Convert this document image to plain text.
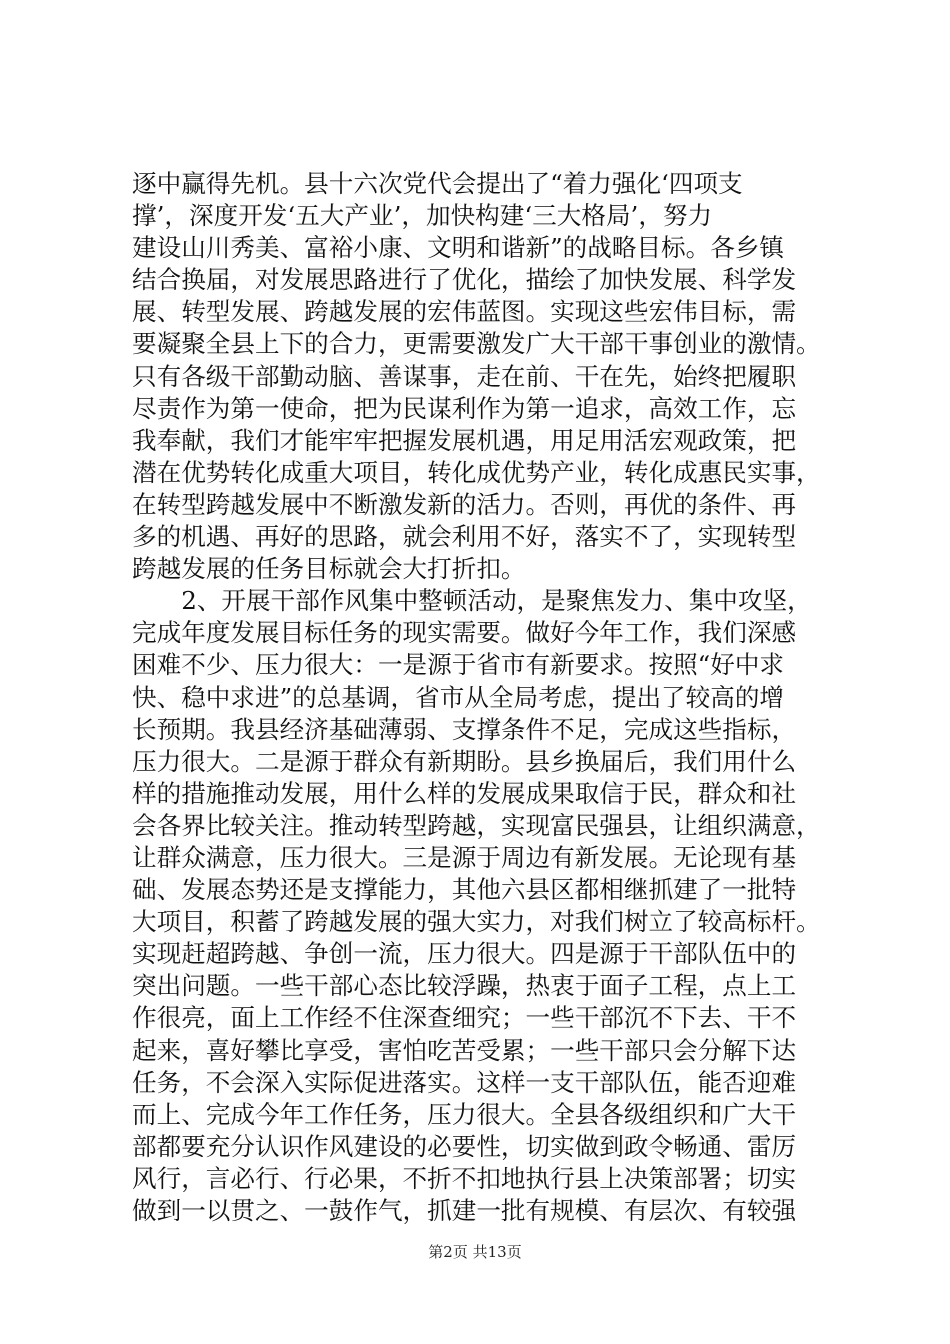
逐中赢得先机。县十六次党代会提出了“着力强化‘四项支
撑’，深度开发‘五大产业’，加快构建‘三大格局’，努力
建设山川秀美、富裕小康、文明和谐新”的战略目标。各乡镇
结合换届，对发展思路进行了优化，描绘了加快发展、科学发
展、转型发展、跨越发展的宏伟蓝图。实现这些宏伟目标，需
要凝聚全县上下的合力，更需要激发广大干部干事创业的激情。
只有各级干部勤动脑、善谋事，走在前、干在先，始终把履职
尽责作为第一使命，把为民谋利作为第一追求，高效工作，忘
我奉献，我们才能牢牢把握发展机遇，用足用活宏观政策，把
潜在优势转化成重大项目，转化成优势产业，转化成惠民实事，
在转型跨越发展中不断激发新的活力。否则，再优的条件、再
多的机遇、再好的思路，就会利用不好，落实不了，实现转型
跨越发展的任务目标就会大打折扣。
　　2、开展干部作风集中整顿活动，是聚焦发力、集中攻坚，
完成年度发展目标任务的现实需要。做好今年工作，我们深感
困难不少、压力很大：一是源于省市有新要求。按照“好中求
快、稳中求进”的总基调，省市从全局考虑，提出了较高的增
长预期。我县经济基础薄弱、支撑条件不足，完成这些指标，
压力很大。二是源于群众有新期盼。县乡换届后，我们用什么
样的措施推动发展，用什么样的发展成果取信于民，群众和社
会各界比较关注。推动转型跨越，实现富民强县，让组织满意，
让群众满意，压力很大。三是源于周边有新发展。无论现有基
础、发展态势还是支撑能力，其他六县区都相继抓建了一批特
大项目，积蓄了跨越发展的强大实力，对我们树立了较高标杆。
实现赶超跨越、争创一流，压力很大。四是源于干部队伍中的
突出问题。一些干部心态比较浮躁，热衷于面子工程，点上工
作很亮，面上工作经不住深查细究；一些干部沉不下去、干不
起来，喜好攀比享受，害怕吃苦受累；一些干部只会分解下达
任务，不会深入实际促进落实。这样一支干部队伍，能否迎难
而上、完成今年工作任务，压力很大。全县各级组织和广大干
部都要充分认识作风建设的必要性，切实做到政令畅通、雷厉
风行，言必行、行必果，不折不扣地执行县上决策部署；切实
做到一以贯之、一鼓作气，抓建一批有规模、有层次、有较强
第2页 共13页
